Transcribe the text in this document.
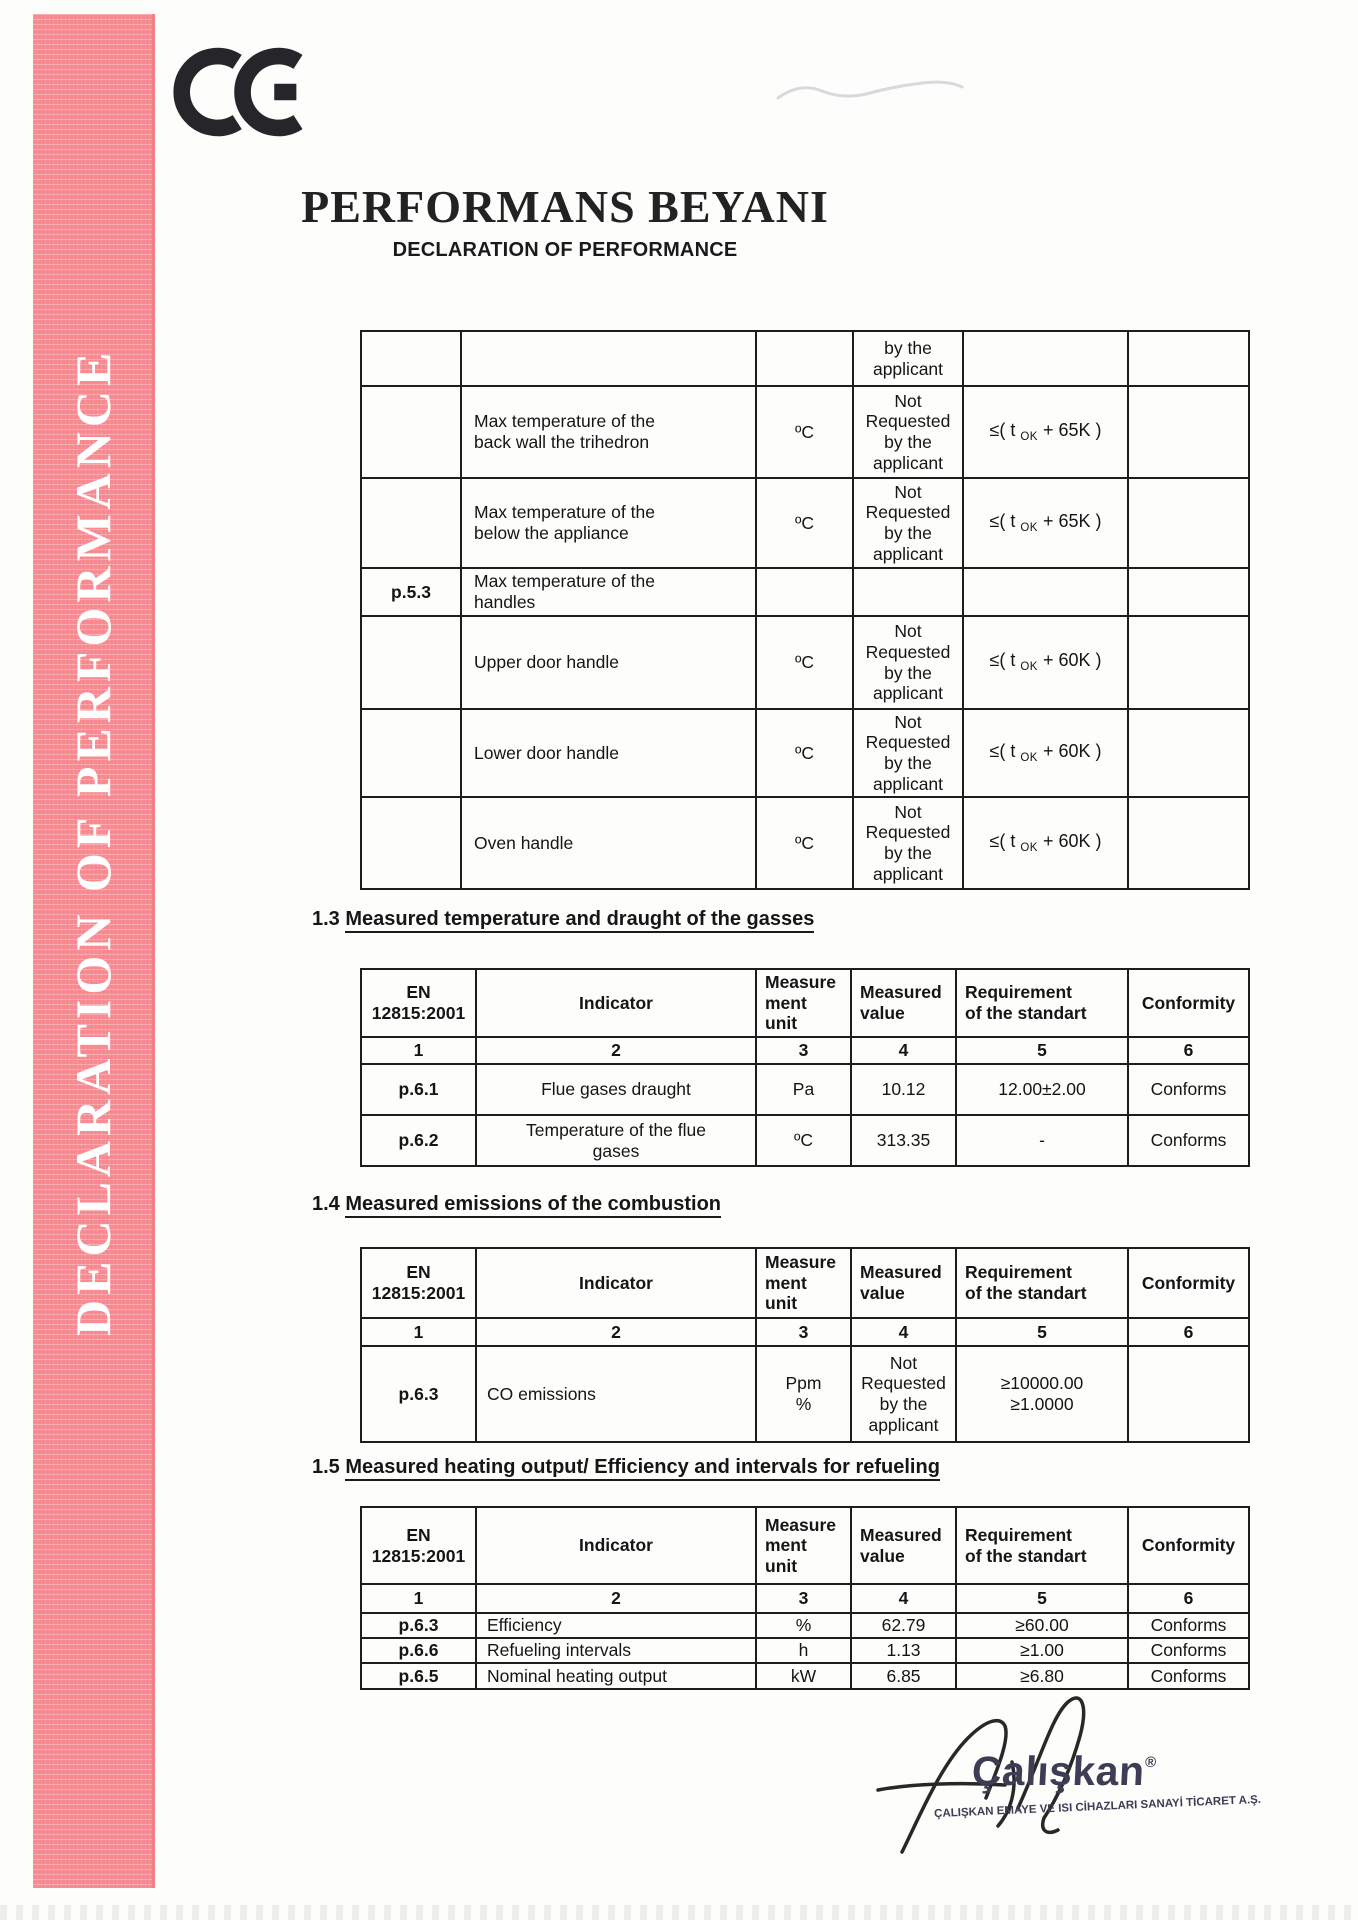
DECLARATION OF PERFORMANCE
PERFORMANS BEYANI
DECLARATION OF PERFORMANCE
			by the
applicant		
	Max temperature of the
back wall the trihedron	ºC	Not
Requested
by the
applicant	≤( t $_{OK}$ + 65K )	
	Max temperature of the
below the appliance	ºC	Not
Requested
by the
applicant	≤( t $_{OK}$ + 65K )	
p.5.3	Max temperature of the
handles				
	Upper door handle	ºC	Not
Requested
by the
applicant	≤( t $_{OK}$ + 60K )	
	Lower door handle	ºC	Not
Requested
by the
applicant	≤( t $_{OK}$ + 60K )	
	Oven handle	ºC	Not
Requested
by the
applicant	≤( t $_{OK}$ + 60K )	
1.3 Measured temperature and draught of the gasses
EN
12815:2001	Indicator	Measure
ment
unit	Measured
value	Requirement
of the standart	Conformity
1	2	3	4	5	6
p.6.1	Flue gases draught	Pa	10.12	12.00±2.00	Conforms
p.6.2	Temperature of the flue
gases	ºC	313.35	-	Conforms
1.4 Measured emissions of the combustion
EN
12815:2001	Indicator	Measure
ment
unit	Measured
value	Requirement
of the standart	Conformity
1	2	3	4	5	6
p.6.3	CO emissions	Ppm
%	Not
Requested
by the
applicant	≥10000.00
≥1.0000	
1.5 Measured heating output/ Efficiency and intervals for refueling
EN
12815:2001	Indicator	Measure
ment
unit	Measured
value	Requirement
of the standart	Conformity
1	2	3	4	5	6
p.6.3	Efficiency	%	62.79	≥60.00	Conforms
p.6.6	Refueling intervals	h	1.13	≥1.00	Conforms
p.6.5	Nominal heating output	kW	6.85	≥6.80	Conforms
Çalışkan®
ÇALIŞKAN EMAYE VE ISI CİHAZLARI SANAYİ TİCARET A.Ş.
